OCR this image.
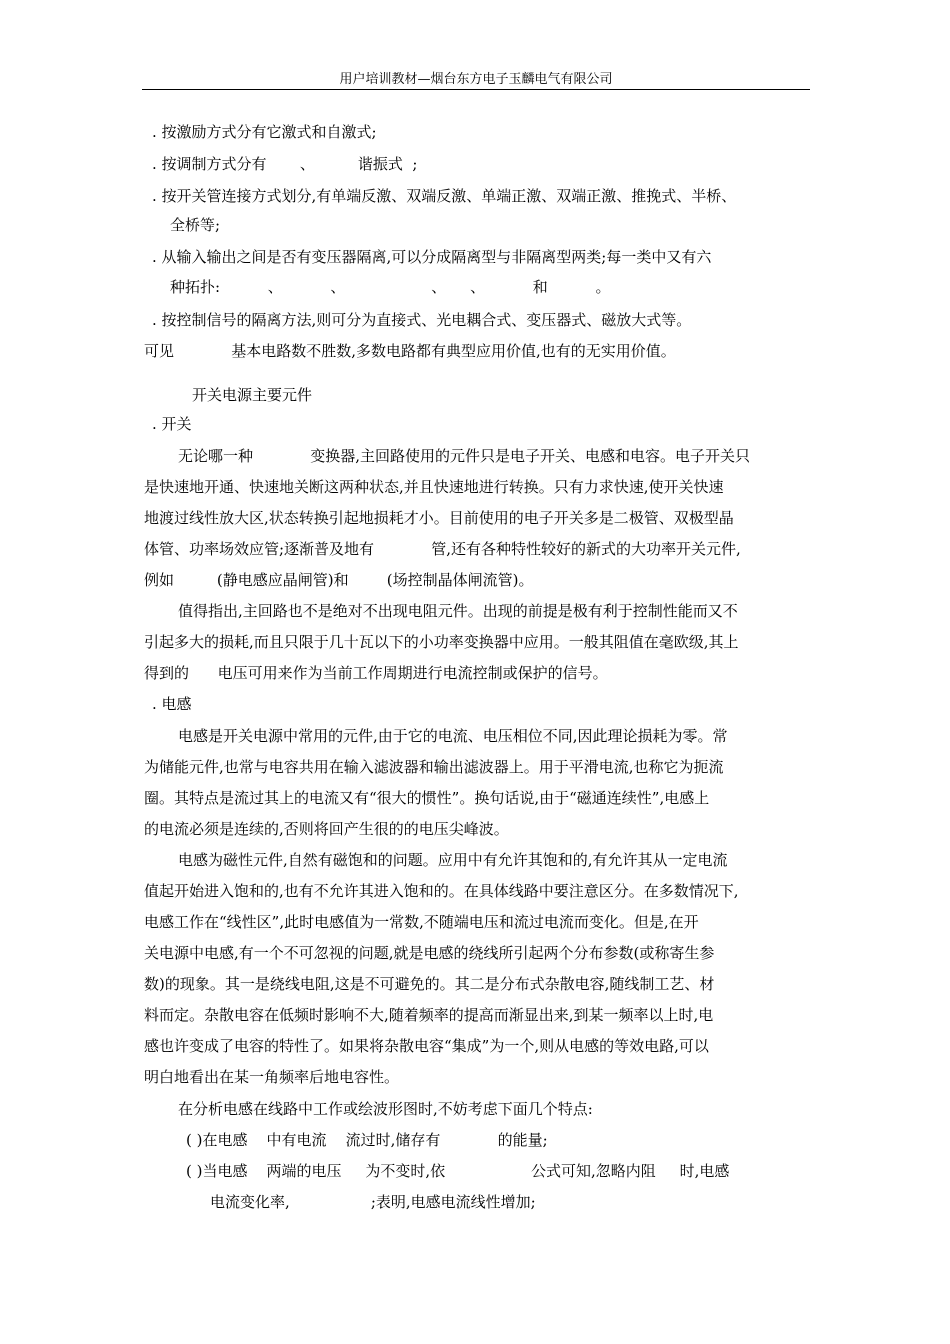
用户培训教材—烟台东方电子玉麟电气有限公司
. 按激励方式分有它激式和自激式;
. 按调制方式分有       、         谐振式  ;
. 按开关管连接方式划分,有单端反激、双端反激、单端正激、双端正激、推挽式、半桥、
全桥等;
. 从输入输出之间是否有变压器隔离,可以分成隔离型与非隔离型两类;每一类中又有六
种拓扑:          、          、                  、     、          和          。
. 按控制信号的隔离方法,则可分为直接式、光电耦合式、变压器式、磁放大式等。
可见            基本电路数不胜数,多数电路都有典型应用价值,也有的无实用价值。
开关电源主要元件
. 开关
无论哪一种            变换器,主回路使用的元件只是电子开关、电感和电容。电子开关只
是快速地开通、快速地关断这两种状态,并且快速地进行转换。只有力求快速,使开关快速
地渡过线性放大区,状态转换引起地损耗才小。目前使用的电子开关多是二极管、双极型晶
体管、功率场效应管;逐渐普及地有            管,还有各种特性较好的新式的大功率开关元件,
例如         (静电感应晶闸管)和        (场控制晶体闸流管)。
值得指出,主回路也不是绝对不出现电阻元件。出现的前提是极有利于控制性能而又不
引起多大的损耗,而且只限于几十瓦以下的小功率变换器中应用。一般其阻值在毫欧级,其上
得到的      电压可用来作为当前工作周期进行电流控制或保护的信号。
. 电感
电感是开关电源中常用的元件,由于它的电流、电压相位不同,因此理论损耗为零。常
为储能元件,也常与电容共用在输入滤波器和输出滤波器上。用于平滑电流,也称它为扼流
圈。其特点是流过其上的电流又有“很大的惯性”。换句话说,由于“磁通连续性”,电感上
的电流必须是连续的,否则将回产生很的的电压尖峰波。
电感为磁性元件,自然有磁饱和的问题。应用中有允许其饱和的,有允许其从一定电流
值起开始进入饱和的,也有不允许其进入饱和的。在具体线路中要注意区分。在多数情况下,
电感工作在“线性区”,此时电感值为一常数,不随端电压和流过电流而变化。但是,在开
关电源中电感,有一个不可忽视的问题,就是电感的绕线所引起两个分布参数(或称寄生参
数)的现象。其一是绕线电阻,这是不可避免的。其二是分布式杂散电容,随线制工艺、材
料而定。杂散电容在低频时影响不大,随着频率的提高而渐显出来,到某一频率以上时,电
感也许变成了电容的特性了。如果将杂散电容“集成”为一个,则从电感的等效电路,可以
明白地看出在某一角频率后地电容性。
在分析电感在线路中工作或绘波形图时,不妨考虑下面几个特点:
( )在电感    中有电流    流过时,储存有            的能量;
( )当电感    两端的电压     为不变时,依                  公式可知,忽略内阻     时,电感
电流变化率,                 ;表明,电感电流线性增加;
